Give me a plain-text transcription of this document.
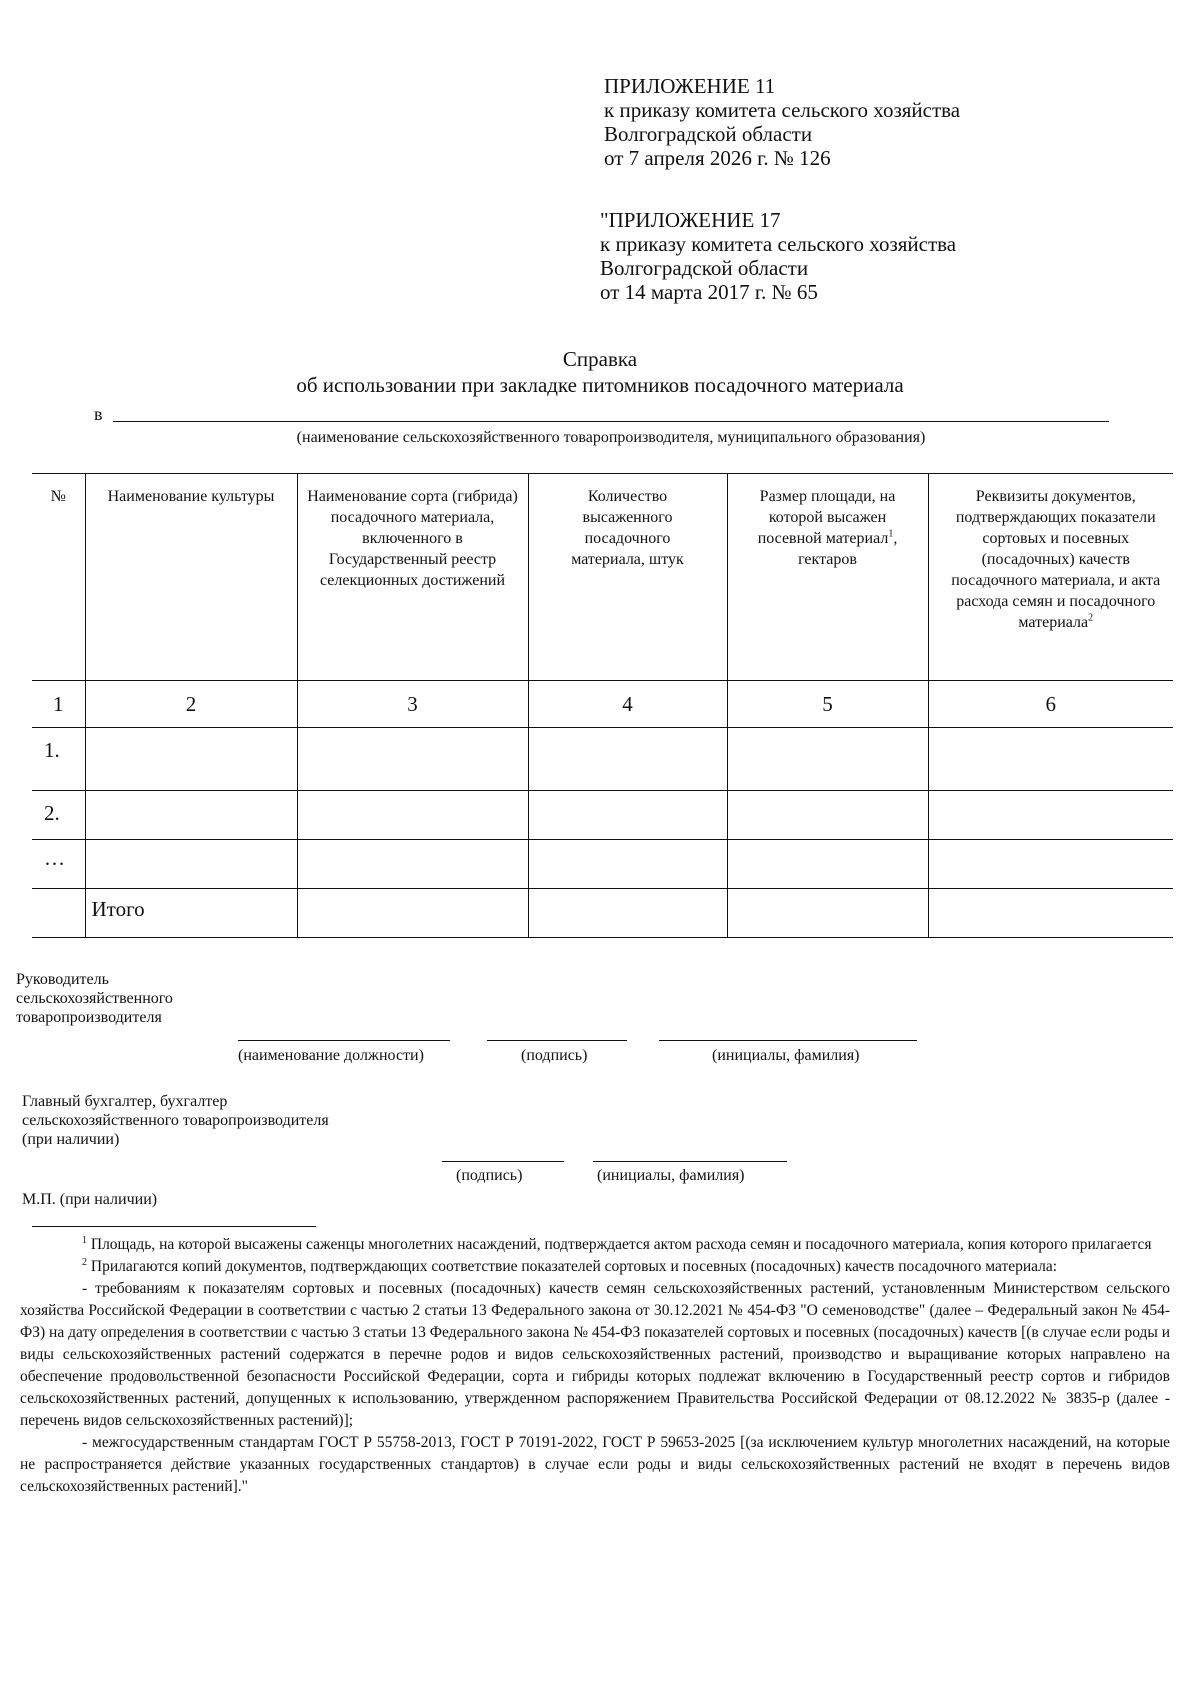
ПРИЛОЖЕНИЕ 11
к приказу комитета сельского хозяйства
Волгоградской области
от 7 апреля 2026 г. № 126
"ПРИЛОЖЕНИЕ 17
к приказу комитета сельского хозяйства
Волгоградской области
от 14 марта 2017 г. № 65
Справка
об использовании при закладке питомников посадочного материала
в
(наименование сельскохозяйственного товаропроизводителя, муниципального образования)
№	Наименование культуры	Наименование сорта (гибрида) посадочного материала, включенного в Государственный реестр селекционных достижений	Количество высаженного посадочного материала, штук	Размер площади, на которой высажен посевной материал$^1$, гектаров	Реквизиты документов, подтверждающих показатели сортовых и посевных (посадочных) качеств посадочного материала, и акта расхода семян и посадочного материала$^2$

1	2	3	4	5	6

1.					

2.					

…					

	Итого				

Руководитель
сельскохозяйственного
товаропроизводителя
(наименование должности)	(подпись)	(инициалы, фамилия)
Главный бухгалтер, бухгалтер
сельскохозяйственного товаропроизводителя
(при наличии)
(подпись)	(инициалы, фамилия)
М.П. (при наличии)

$^1$ Площадь, на которой высажены саженцы многолетних насаждений, подтверждается актом расхода семян и посадочного материала, копия которого прилагается

$^2$ Прилагаются копий документов, подтверждающих соответствие показателей сортовых и посевных (посадочных) качеств посадочного материала:

- требованиям к показателям сортовых и посевных (посадочных) качеств семян сельскохозяйственных растений, установленным Министерством сельского хозяйства Российской Федерации в соответствии с частью 2 статьи 13 Федерального закона от 30.12.2021 № 454-ФЗ "О семеноводстве" (далее – Федеральный закон № 454-ФЗ) на дату определения в соответствии с частью 3 статьи 13 Федерального закона № 454-ФЗ показателей сортовых и посевных (посадочных) качеств [(в случае если роды и виды сельскохозяйственных растений содержатся в перечне родов и видов сельскохозяйственных растений, производство и выращивание которых направлено на обеспечение продовольственной безопасности Российской Федерации, сорта и гибриды которых подлежат включению в Государственный реестр сортов и гибридов сельскохозяйственных растений, допущенных к использованию, утвержденном распоряжением Правительства Российской Федерации от 08.12.2022 № 3835-р (далее - перечень видов сельскохозяйственных растений)];

- межгосударственным стандартам ГОСТ Р 55758-2013, ГОСТ Р 70191-2022, ГОСТ Р 59653-2025 [(за исключением культур многолетних насаждений, на которые не распространяется действие указанных государственных стандартов) в случае если роды и виды сельскохозяйственных растений не входят в перечень видов сельскохозяйственных растений]."
